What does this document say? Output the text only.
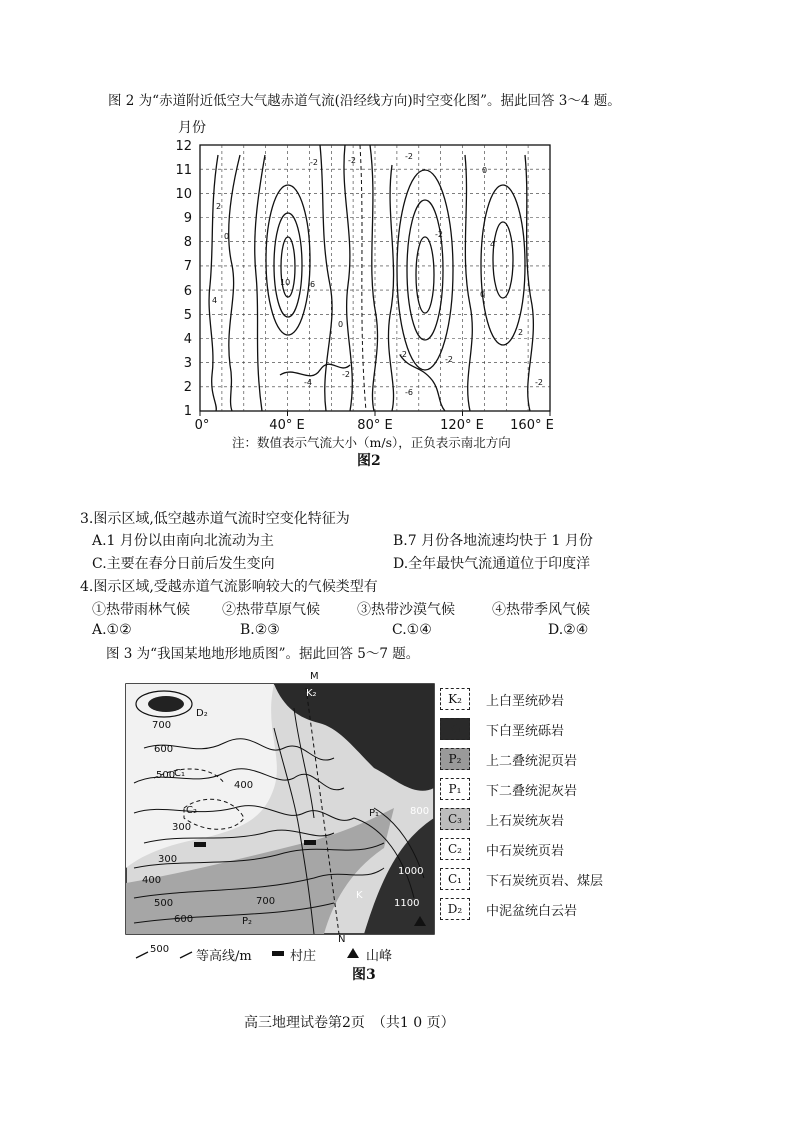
图 2 为“赤道附近低空大气越赤道气流(沿经线方向)时空变化图”。据此回答 3～4 题。
12
11
10
9
8
7
6
5
4
3
2
1
0°	40° E	80° E	120° E 160° E
-2	-2
0
2
0
10
4
6
-2
0
-2
-4
-2
-6
-2
0
-2
4
-2
2
月份
注：数值表示气流大小（m/s），正负表示南北方向
图2
3.图示区域,低空越赤道气流时空变化特征为
A.1 月份以由南向北流动为主	B.7 月份各地流速均快于 1 月份
C.主要在春分日前后发生变向	D.全年最快气流通道位于印度洋
4.图示区域,受越赤道气流影响较大的气候类型有
①热带雨林气候 ②热带草原气候	③热带沙漠气候	④热带季风气候
A.①②	B.②③	C.①④	D.②④
图 3 为“我国某地地形地质图”。据此回答 5～7 题。
K₂
D₂
700
600
C₁
500
400
C₂
300
P₁	800
300
400
500
600
700
P₂
K
1000
1100
M
N
K₂	上白垩统砂岩
K₁	下白垩统砾岩
P₂	上二叠统泥页岩
P₁	下二叠统泥灰岩
C₃	上石炭统灰岩
C₂	中石炭统页岩
C₁	下石炭统页岩、煤层
D₂	中泥盆统白云岩
500 等高线/m	村庄	山峰
图3
高三地理试卷第2页　（共1 0 页）
